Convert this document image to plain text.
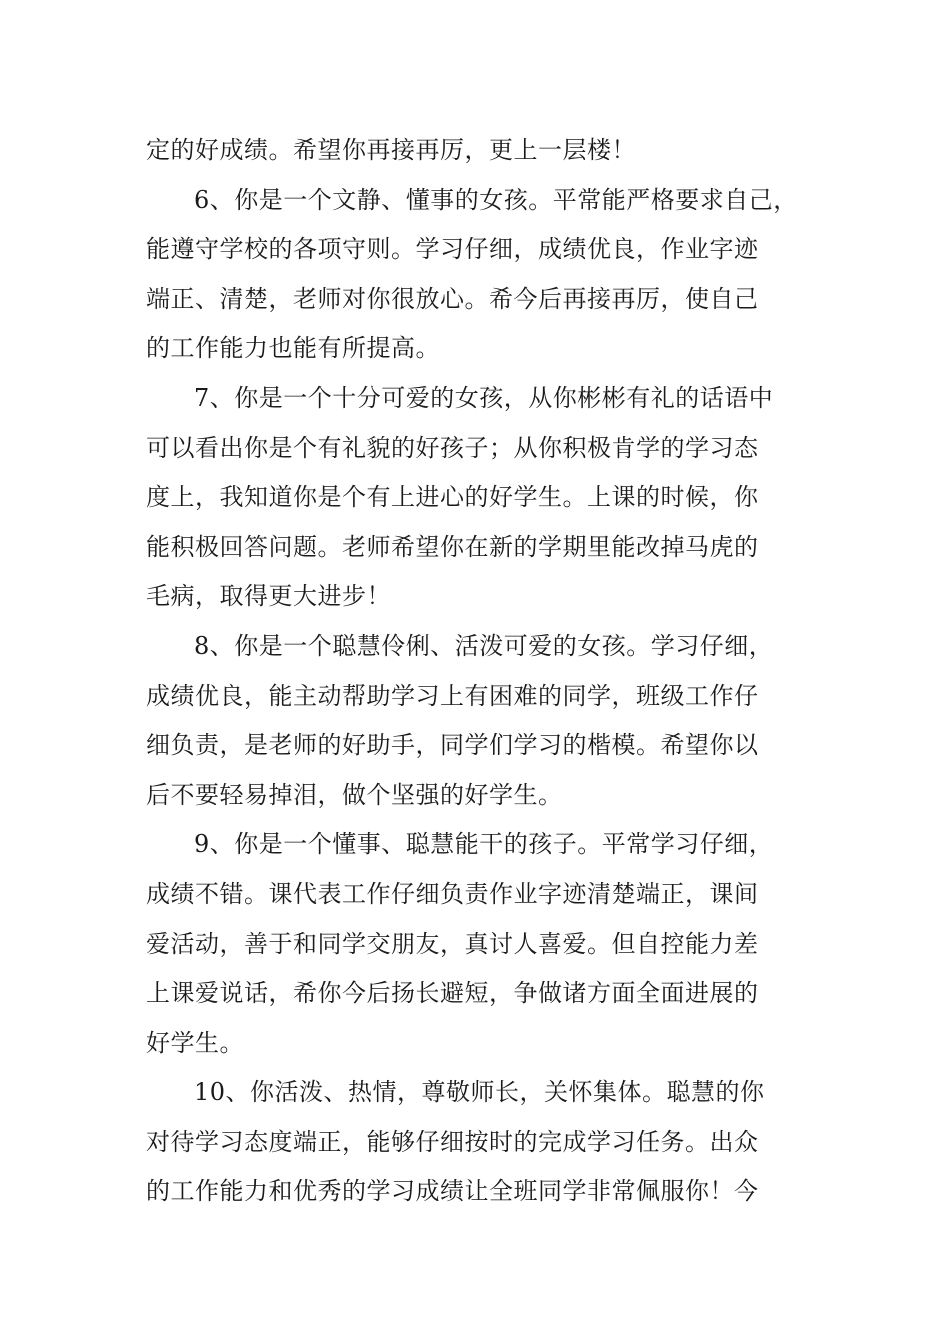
定的好成绩。希望你再接再厉，更上一层楼！
6、你是一个文静、懂事的女孩。平常能严格要求自己，
能遵守学校的各项守则。学习仔细，成绩优良，作业字迹
端正、清楚，老师对你很放心。希今后再接再厉，使自己
的工作能力也能有所提高。
7、你是一个十分可爱的女孩，从你彬彬有礼的话语中
可以看出你是个有礼貌的好孩子；从你积极肯学的学习态
度上，我知道你是个有上进心的好学生。上课的时候，你
能积极回答问题。老师希望你在新的学期里能改掉马虎的
毛病，取得更大进步！
8、你是一个聪慧伶俐、活泼可爱的女孩。学习仔细，
成绩优良，能主动帮助学习上有困难的同学，班级工作仔
细负责，是老师的好助手，同学们学习的楷模。希望你以
后不要轻易掉泪，做个坚强的好学生。
9、你是一个懂事、聪慧能干的孩子。平常学习仔细，
成绩不错。课代表工作仔细负责作业字迹清楚端正，课间
爱活动，善于和同学交朋友，真讨人喜爱。但自控能力差
上课爱说话，希你今后扬长避短，争做诸方面全面进展的
好学生。
10、你活泼、热情，尊敬师长，关怀集体。聪慧的你
对待学习态度端正，能够仔细按时的完成学习任务。出众
的工作能力和优秀的学习成绩让全班同学非常佩服你！今
